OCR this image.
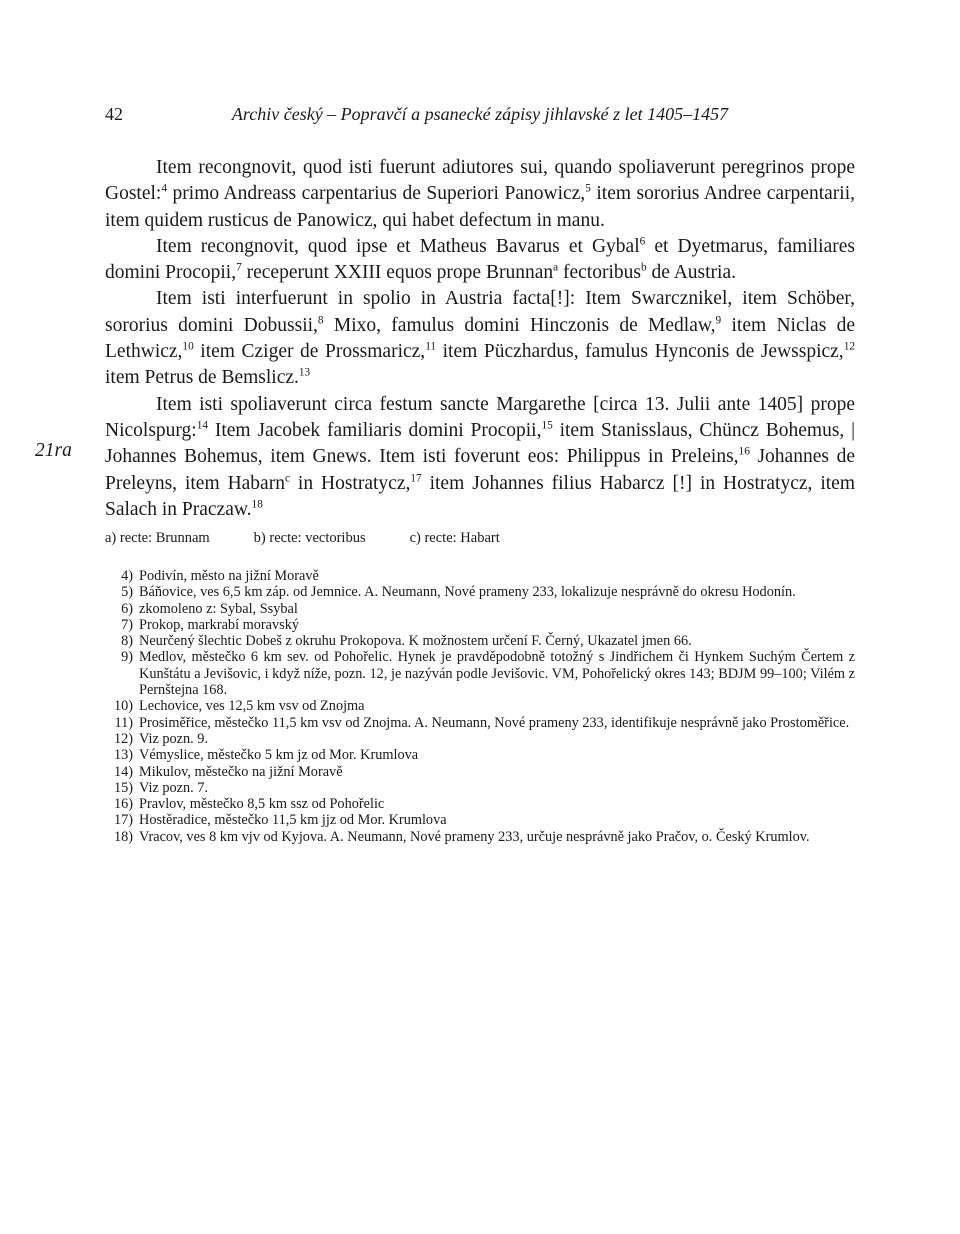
42	Archiv český – Popravčí a psanecké zápisy jihlavské z let 1405–1457
21ra

Item recongnovit, quod isti fuerunt adiutores sui, quando spoliaverunt peregrinos prope Gostel:$^4$ primo Andreass carpentarius de Superiori Panowicz,$^5$ item sororius Andree carpentarii, item quidem rusticus de Panowicz, qui habet defectum in manu.

Item recongnovit, quod ipse et Matheus Bavarus et Gybal$^6$ et Dyetmarus, familiares domini Procopii,$^7$ receperunt XXIII equos prope Brunnan$^a$ fectoribus$^b$ de Austria.

Item isti interfuerunt in spolio in Austria facta[!]: Item Swarcznikel, item Schöber, sororius domini Dobussii,$^8$ Mixo, famulus domini Hinczonis de Medlaw,$^9$ item Niclas de Lethwicz,$^{10}$ item Cziger de Prossmaricz,$^{11}$ item Püczhardus, famulus Hynconis de Jewsspicz,$^{12}$ item Petrus de Bemslicz.$^{13}$

Item isti spoliaverunt circa festum sancte Margarethe [circa 13. Julii ante 1405] prope Nicolspurg:$^{14}$ Item Jacobek familiaris domini Procopii,$^{15}$ item Stanisslaus, Chüncz Bohemus, | Johannes Bohemus, item Gnews. Item isti foverunt eos: Philippus in Preleins,$^{16}$ Johannes de Preleyns, item Habarn$^c$ in Hostratycz,$^{17}$ item Johannes filius Habarcz [!] in Hostratycz, item Salach in Praczaw.$^{18}$

a) recte: Brunnam	b) recte: vectoribus	c) recte: Habart
4) Podivín, město na jižní Moravě
5) Báňovice, ves 6,5 km záp. od Jemnice. A. Neumann, Nové prameny 233, lokalizuje nesprávně do okresu Hodonín.
6) zkomoleno z: Sybal, Ssybal
7) Prokop, markrabí moravský
8) Neurčený šlechtic Dobeš z okruhu Prokopova. K možnostem určení F. Černý, Ukazatel jmen 66.
9) Medlov, městečko 6 km sev. od Pohořelic. Hynek je pravděpodobně totožný s Jindřichem či Hynkem Suchým Čertem z Kunštátu a Jevišovic, i když níže, pozn. 12, je nazýván podle Jevišovic. VM, Pohořelický okres 143; BDJM 99–100; Vilém z Pernštejna 168.
10) Lechovice, ves 12,5 km vsv od Znojma
11) Prosiměřice, městečko 11,5 km vsv od Znojma. A. Neumann, Nové prameny 233, identifikuje nesprávně jako Prostoměřice.
12) Viz pozn. 9.
13) Vémyslice, městečko 5 km jz od Mor. Krumlova
14) Mikulov, městečko na jižní Moravě
15) Viz pozn. 7.
16) Pravlov, městečko 8,5 km ssz od Pohořelic
17) Hostěradice, městečko 11,5 km jjz od Mor. Krumlova
18) Vracov, ves 8 km vjv od Kyjova. A. Neumann, Nové prameny 233, určuje nesprávně jako Pračov, o. Český Krumlov.
